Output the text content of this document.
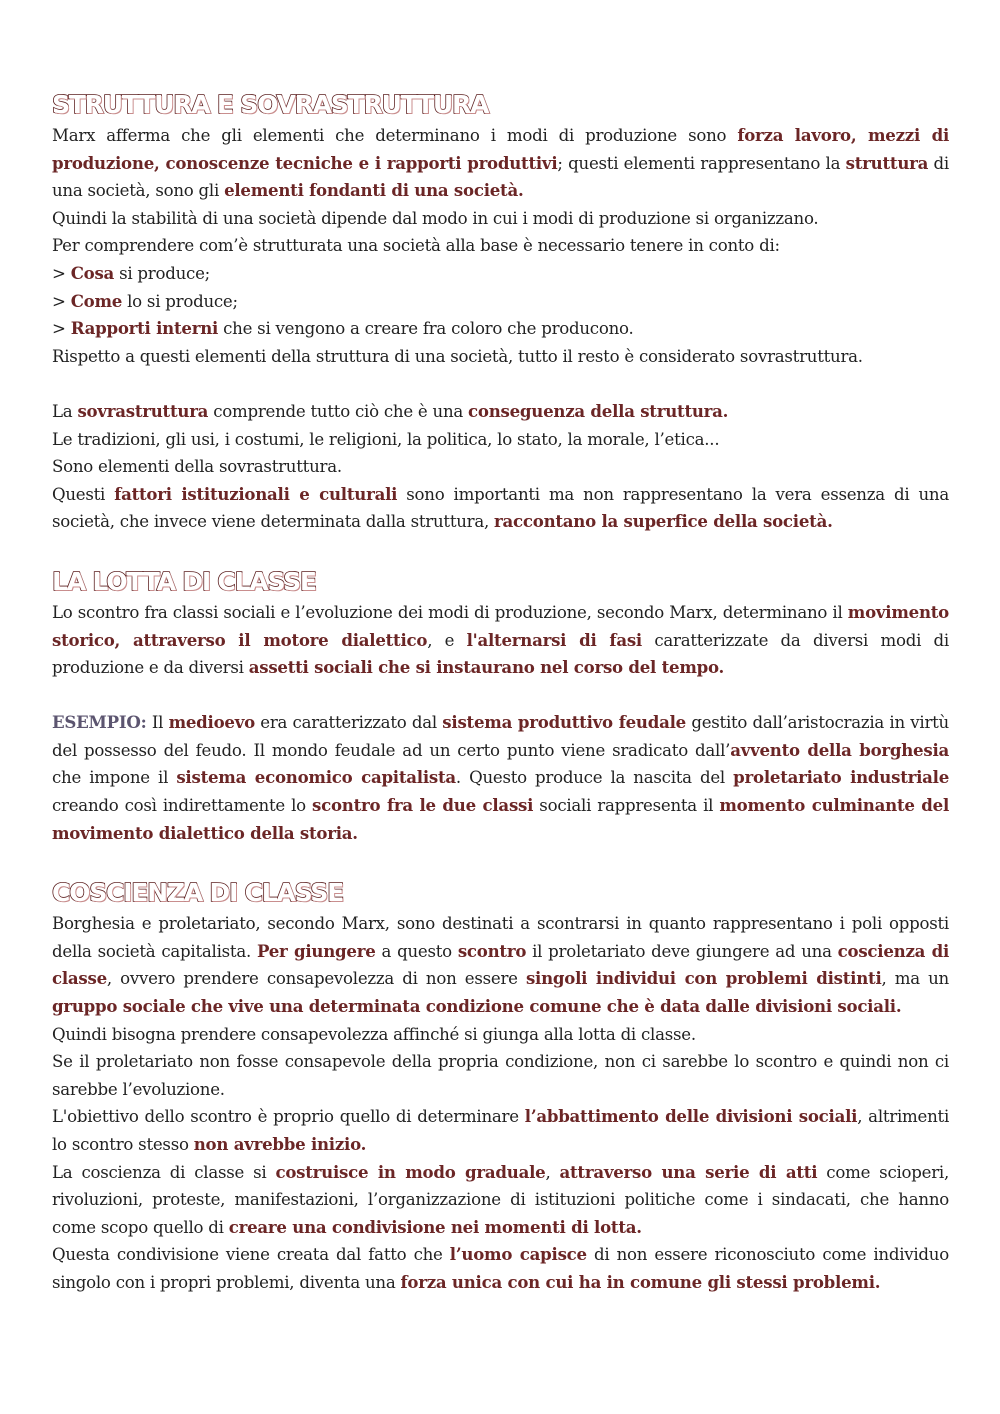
STRUTTURA E SOVRASTRUTTURA

Marx afferma che gli elementi che determinano i modi di produzione sono forza lavoro, mezzi di produzione, conoscenze tecniche e i rapporti produttivi; questi elementi rappresentano la struttura di una società, sono gli elementi fondanti di una società.

Quindi la stabilità di una società dipende dal modo in cui i modi di produzione si organizzano.

Per comprendere com’è strutturata una società alla base è necessario tenere in conto di:

> Cosa si produce;

> Come lo si produce;

> Rapporti interni che si vengono a creare fra coloro che producono.

Rispetto a questi elementi della struttura di una società, tutto il resto è considerato sovrastruttura.

La sovrastruttura comprende tutto ciò che è una conseguenza della struttura.

Le tradizioni, gli usi, i costumi, le religioni, la politica, lo stato, la morale, l’etica...

Sono elementi della sovrastruttura.

Questi fattori istituzionali e culturali sono importanti ma non rappresentano la vera essenza di una società, che invece viene determinata dalla struttura, raccontano la superfice della società.

LA LOTTA DI CLASSE

Lo scontro fra classi sociali e l’evoluzione dei modi di produzione, secondo Marx, determinano il movimento storico, attraverso il motore dialettico, e l'alternarsi di fasi caratterizzate da diversi modi di produzione e da diversi assetti sociali che si instaurano nel corso del tempo.

ESEMPIO: Il medioevo era caratterizzato dal sistema produttivo feudale gestito dall’aristocrazia in virtù del possesso del feudo. Il mondo feudale ad un certo punto viene sradicato dall’avvento della borghesia che impone il sistema economico capitalista. Questo produce la nascita del proletariato industriale creando così indirettamente lo scontro fra le due classi sociali rappresenta il momento culminante del movimento dialettico della storia.

COSCIENZA DI CLASSE

Borghesia e proletariato, secondo Marx, sono destinati a scontrarsi in quanto rappresentano i poli opposti della società capitalista. Per giungere a questo scontro il proletariato deve giungere ad una coscienza di classe, ovvero prendere consapevolezza di non essere singoli individui con problemi distinti, ma un gruppo sociale che vive una determinata condizione comune che è data dalle divisioni sociali.

Quindi bisogna prendere consapevolezza affinché si giunga alla lotta di classe.

Se il proletariato non fosse consapevole della propria condizione, non ci sarebbe lo scontro e quindi non ci sarebbe l’evoluzione.

L'obiettivo dello scontro è proprio quello di determinare l’abbattimento delle divisioni sociali, altrimenti lo scontro stesso non avrebbe inizio.

La coscienza di classe si costruisce in modo graduale, attraverso una serie di atti come scioperi, rivoluzioni, proteste, manifestazioni, l’organizzazione di istituzioni politiche come i sindacati, che hanno come scopo quello di creare una condivisione nei momenti di lotta.

Questa condivisione viene creata dal fatto che l’uomo capisce di non essere riconosciuto come individuo singolo con i propri problemi, diventa una forza unica con cui ha in comune gli stessi problemi.
